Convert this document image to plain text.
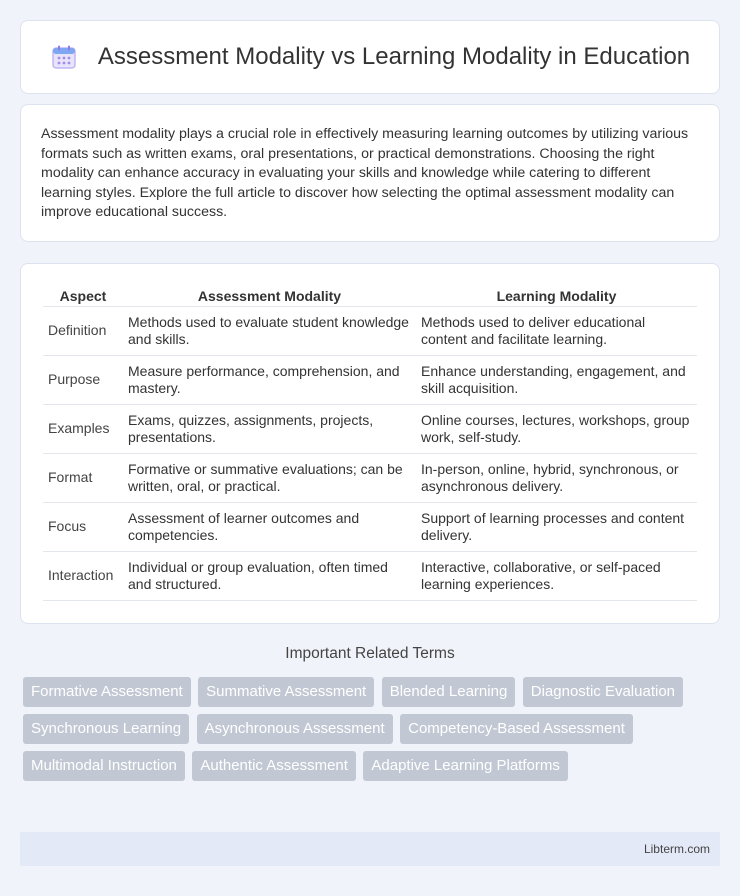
Assessment Modality vs Learning Modality in Education

Assessment modality plays a crucial role in effectively measuring learning outcomes by utilizing various formats such as written exams, oral presentations, or practical demonstrations. Choosing the right modality can enhance accuracy in evaluating your skills and knowledge while catering to different learning styles. Explore the full article to discover how selecting the optimal assessment modality can improve educational success.

Aspect	Assessment Modality	Learning Modality
Definition	Methods used to evaluate student knowledge and skills.	Methods used to deliver educational content and facilitate learning.
Purpose	Measure performance, comprehension, and mastery.	Enhance understanding, engagement, and skill acquisition.
Examples	Exams, quizzes, assignments, projects, presentations.	Online courses, lectures, workshops, group work, self-study.
Format	Formative or summative evaluations; can be written, oral, or practical.	In-person, online, hybrid, synchronous, or asynchronous delivery.
Focus	Assessment of learner outcomes and competencies.	Support of learning processes and content delivery.
Interaction	Individual or group evaluation, often timed and structured.	Interactive, collaborative, or self-paced learning experiences.
Important Related Terms
Formative Assessment Summative Assessment Blended Learning Diagnostic Evaluation Synchronous Learning Asynchronous Assessment Competency-Based Assessment Multimodal Instruction Authentic Assessment Adaptive Learning Platforms
Libterm.com
